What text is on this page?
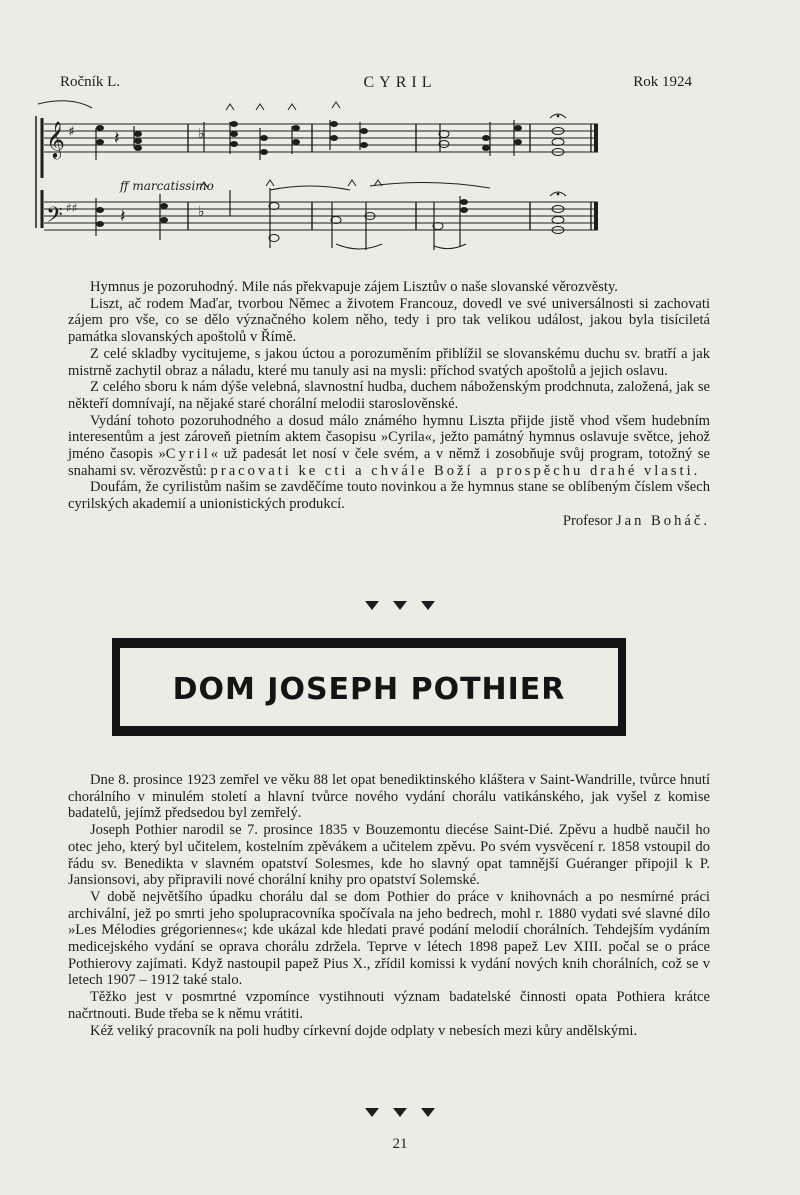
Ročník L.	CYRIL	Rok 1924
𝄞
𝄢
♯
♯♯
♭
♭
𝄽
𝄽
ff marcatissimo

Hymnus je pozoruhodný. Mile nás překvapuje zájem Lisztův o naše slovanské věrozvěsty.

Liszt, ač rodem Maďar, tvorbou Němec a životem Francouz, dovedl ve své universálnosti si zachovati zájem pro vše, co se dělo význačného kolem něho, tedy i pro tak velikou událost, jakou byla tisíciletá památka slovanských apoštolů v Římě.

Z celé skladby vycitujeme, s jakou úctou a porozuměním přiblížil se slovanskému duchu sv. bratří a jak mistrně zachytil obraz a náladu, které mu tanuly asi na mysli: příchod svatých apoštolů a jejich oslavu.

Z celého sboru k nám dýše velebná, slavnostní hudba, duchem náboženským prodchnuta, založená, jak se někteří domnívají, na nějaké staré chorální melodii staroslověnské.

Vydání tohoto pozoruhodného a dosud málo známého hymnu Liszta přijde jistě vhod všem hudebním interesentům a jest zároveň pietním aktem časopisu »Cyrila«, ježto památný hymnus oslavuje světce, jehož jméno časopis »Cyril« už padesát let nosí v čele svém, a v němž i zosobňuje svůj program, totožný se snahami sv. věrozvěstů: pracovati ke cti a chvále Boží a prospěchu drahé vlasti.

Doufám, že cyrilistům našim se zavděčíme touto novinkou a že hymnus stane se oblíbeným číslem všech cyrilských akademií a unionistických produkcí.

Profesor Jan Boháč.

DOM JOSEPH POTHIER

Dne 8. prosince 1923 zemřel ve věku 88 let opat benediktinského kláštera v Saint-Wandrille, tvůrce hnutí chorálního v minulém století a hlavní tvůrce nového vydání chorálu vatikánského, jak vyšel z komise badatelů, jejímž předsedou byl zemřelý.

Joseph Pothier narodil se 7. prosince 1835 v Bouzemontu diecése Saint-Dié. Zpěvu a hudbě naučil ho otec jeho, který byl učitelem, kostelním zpěvákem a učitelem zpěvu. Po svém vysvěcení r. 1858 vstoupil do řádu sv. Benedikta v slavném opatství Solesmes, kde ho slavný opat tamnější Guéranger připojil k P. Jansionsovi, aby připravili nové chorální knihy pro opatství Solemské.

V době největšího úpadku chorálu dal se dom Pothier do práce v knihovnách a po nesmírné práci archivální, jež po smrti jeho spolupracovníka spočívala na jeho bedrech, mohl r. 1880 vydati své slavné dílo »Les Mélodies grégoriennes«; kde ukázal kde hledati pravé podání melodií chorálních. Tehdejším vydáním medicejského vydání se oprava chorálu zdržela. Teprve v létech 1898 papež Lev XIII. počal se o práce Pothierovy zajímati. Když nastoupil papež Pius X., zřídil komissi k vydání nových knih chorálních, což se v letech 1907 – 1912 také stalo.

Těžko jest v posmrtné vzpomínce vystihnouti význam badatelské činnosti opata Pothiera krátce načrtnouti. Bude třeba se k němu vrátiti.

Kéž veliký pracovník na poli hudby církevní dojde odplaty v nebesích mezi kůry andělskými.

21
